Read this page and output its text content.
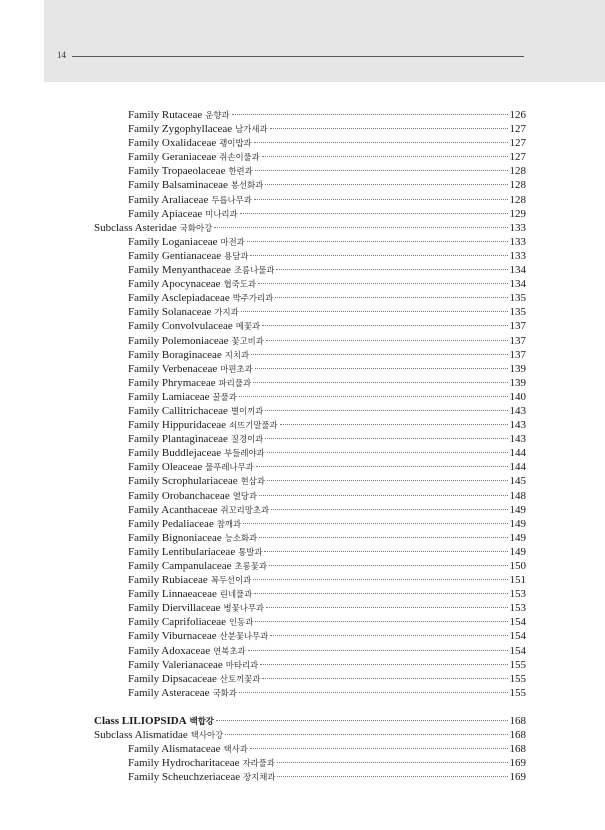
14
Family Rutaceae 운향과	126
Family Zygophyllaceae 남가새과	127
Family Oxalidaceae 괭이밥과	127
Family Geraniaceae 쥐손이풀과	127
Family Tropaeolaceae 한련과	128
Family Balsaminaceae 봉선화과	128
Family Araliaceae 두릅나무과	128
Family Apiaceae 미나리과	129
Subclass Asteridae 국화아강	133
Family Loganiaceae 마전과	133
Family Gentianaceae 용담과	133
Family Menyanthaceae 조름나물과	134
Family Apocynaceae 협죽도과	134
Family Asclepiadaceae 박주가리과	135
Family Solanaceae 가지과	135
Family Convolvulaceae 메꽃과	137
Family Polemoniaceae 꽃고비과	137
Family Boraginaceae 지치과	137
Family Verbenaceae 마편초과	139
Family Phrymaceae 파리풀과	139
Family Lamiaceae 꿀풀과	140
Family Callitrichaceae 별이끼과	143
Family Hippuridaceae 쇠뜨기말풀과	143
Family Plantaginaceae 질경이과	143
Family Buddlejaceae 부들레야과	144
Family Oleaceae 물푸레나무과	144
Family Scrophulariaceae 현삼과	145
Family Orobanchaceae 열당과	148
Family Acanthaceae 쥐꼬리망초과	149
Family Pedaliaceae 참깨과	149
Family Bignoniaceae 능소화과	149
Family Lentibulariaceae 통발과	149
Family Campanulaceae 초롱꽃과	150
Family Rubiaceae 꼭두선이과	151
Family Linnaeaceae 린네풀과	153
Family Diervillaceae 병꽃나무과	153
Family Caprifoliaceae 인동과	154
Family Viburnaceae 산분꽃나무과	154
Family Adoxaceae 연복초과	154
Family Valerianaceae 마타리과	155
Family Dipsacaceae 산토끼꽃과	155
Family Asteraceae 국화과	155
Class LILIOPSIDA 백합강	168
Subclass Alismatidae 택사아강	168
Family Alismataceae 택사과	168
Family Hydrocharitaceae 자라풀과	169
Family Scheuchzeriaceae 장지채과	169
